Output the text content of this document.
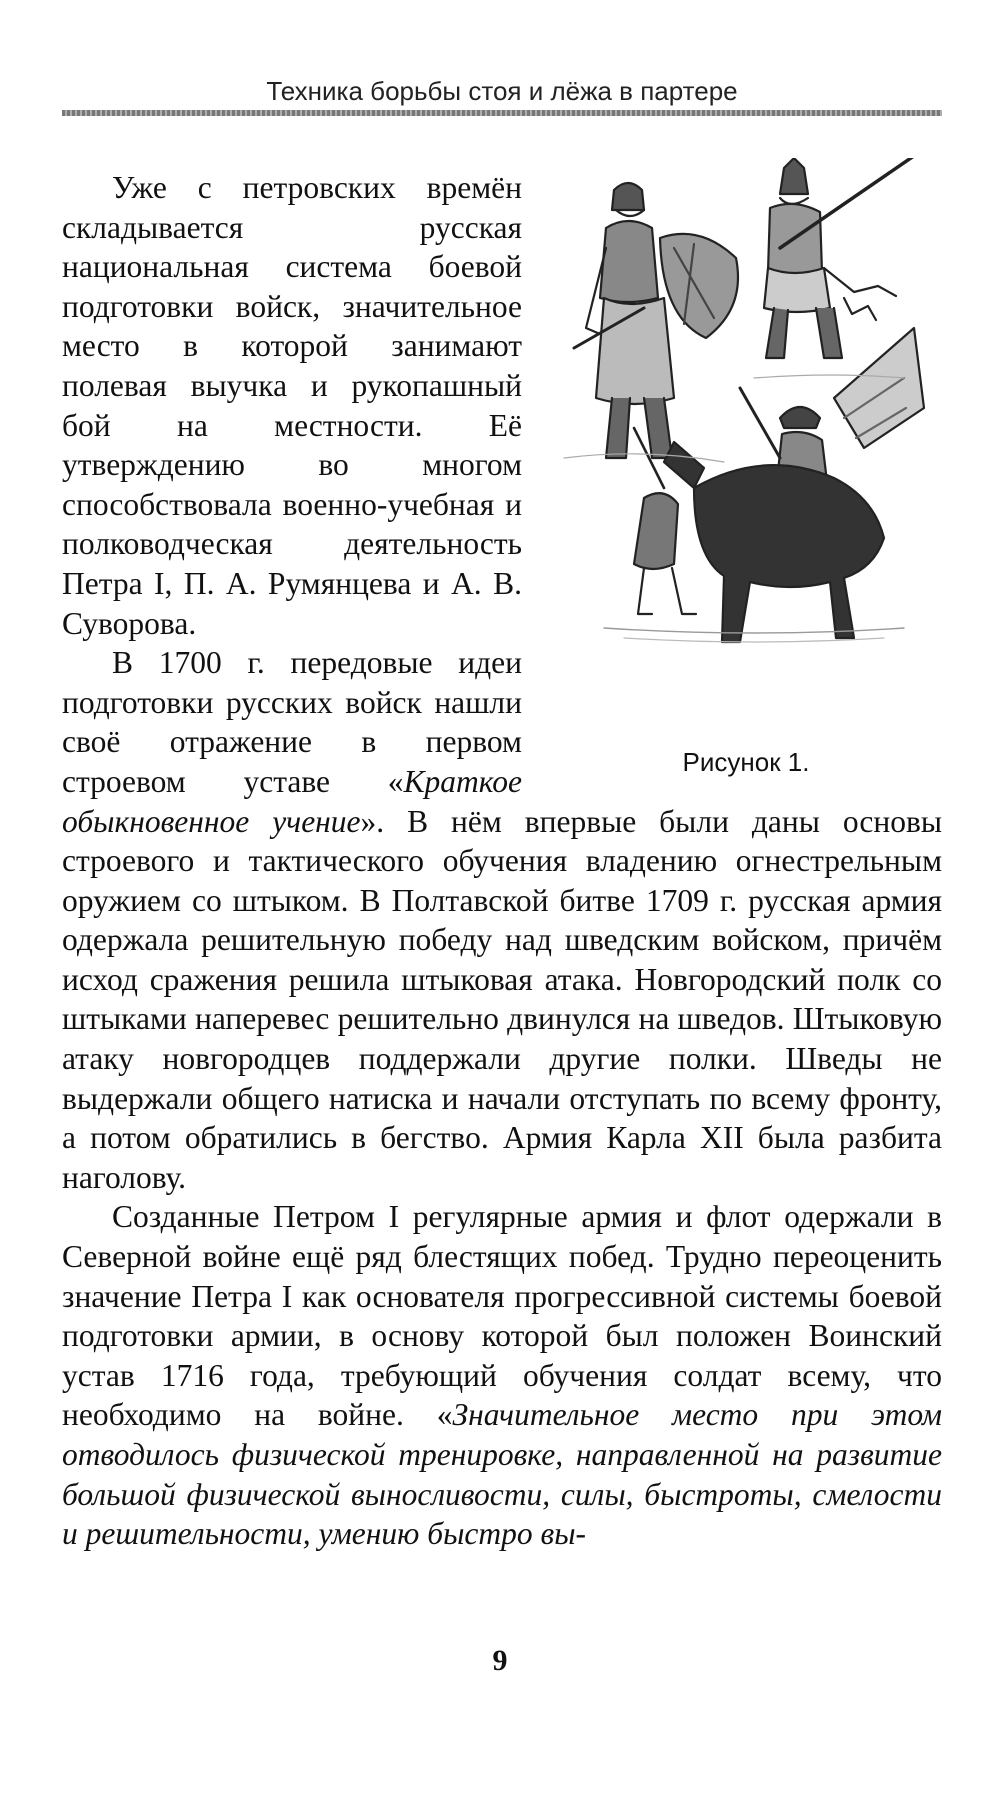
Техника борьбы стоя и лёжа в партере
Рисунок 1.

Уже с петровских времён складывается русская национальная система боевой подготовки войск, значительное место в которой занимают полевая выучка и рукопашный бой на местности. Её утверждению во многом способствовала военно-учебная и полководческая деятельность Петра I, П. А. Румянцева и А. В. Суворова.

В 1700 г. передовые идеи подготовки русских войск нашли своё отражение в первом строевом уставе «Краткое обыкновенное учение». В нём впервые были даны основы строевого и тактического обучения владению огнестрельным оружием со штыком. В Полтавской битве 1709 г. русская армия одержала решительную победу над шведским войском, причём исход сражения решила штыковая атака. Новгородский полк со штыками наперевес решительно двинулся на шведов. Штыковую атаку новгородцев поддержали другие полки. Шведы не выдержали общего натиска и начали отступать по всему фронту, а потом обратились в бегство. Армия Карла XII была разбита наголову.

Созданные Петром I регулярные армия и флот одержали в Северной войне ещё ряд блестящих побед. Трудно переоценить значение Петра I как основателя прогрессивной системы боевой подготовки армии, в основу которой был положен Воинский устав 1716 года, требующий обучения солдат всему, что необходимо на войне. «Значительное место при этом отводилось физической тренировке, направленной на развитие большой физической выносливости, силы, быстроты, смелости и решительности, умению быстро вы-

9
